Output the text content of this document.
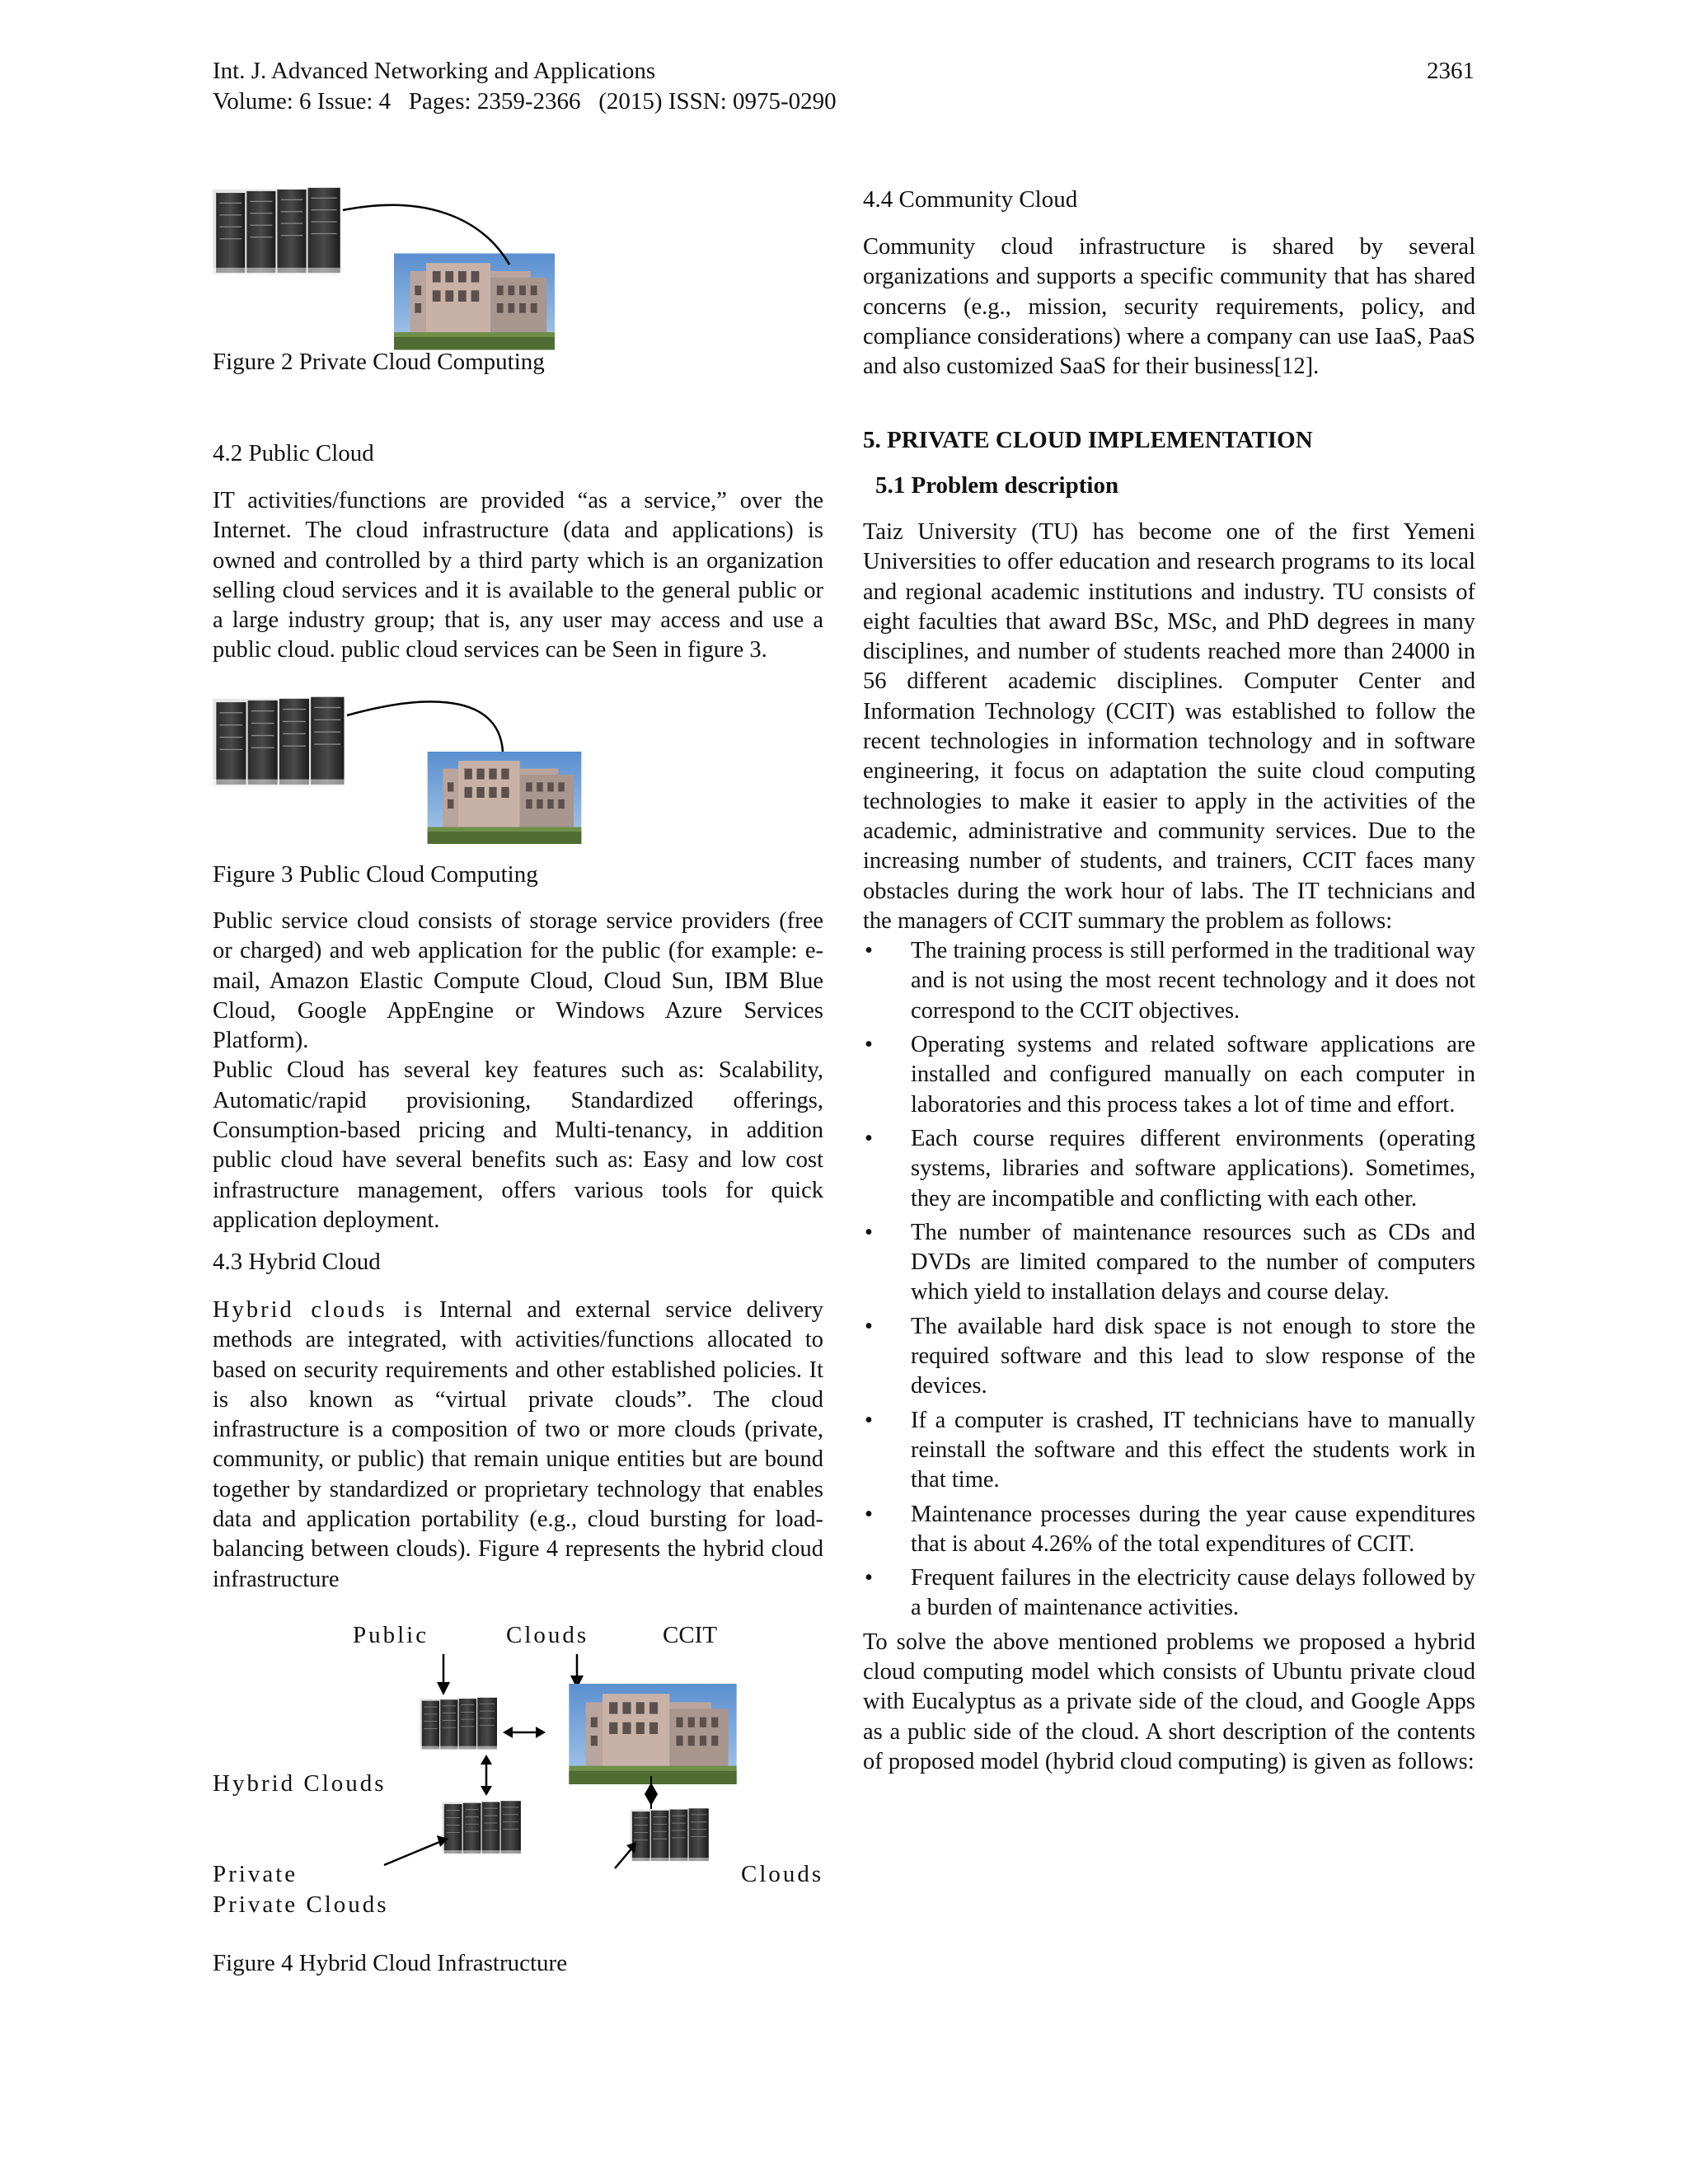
Int. J. Advanced Networking and Applications
Volume: 6 Issue: 4   Pages: 2359-2366   (2015) ISSN: 0975-0290
2361
Figure 2 Private Cloud Computing
4.2 Public Cloud

IT activities/functions are provided “as a service,” over the Internet. The cloud infrastructure (data and applications) is owned and controlled by a third party which is an organization selling cloud services and it is available to the general public or a large industry group; that is, any user may access and use a public cloud. public cloud services can be Seen in figure 3.

Figure 3 Public Cloud Computing

Public service cloud consists of storage service providers (free or charged) and web application for the public (for example: e-mail, Amazon Elastic Compute Cloud, Cloud Sun, IBM Blue Cloud, Google AppEngine or Windows Azure Services Platform).

Public Cloud has several key features such as: Scalability, Automatic/rapid provisioning, Standardized offerings, Consumption-based pricing and Multi-tenancy, in addition public cloud have several benefits such as: Easy and low cost infrastructure management, offers various tools for quick application deployment.

4.3 Hybrid Cloud

Hybrid clouds is Internal and external service delivery methods are integrated, with activities/functions allocated to based on security requirements and other established policies. It is also known as “virtual private clouds”. The cloud infrastructure is a composition of two or more clouds (private, community, or public) that remain unique entities but are bound together by standardized or proprietary technology that enables data and application portability (e.g., cloud bursting for load-balancing between clouds). Figure 4 represents the hybrid cloud infrastructure

Public	Clouds	CCIT
Hybrid Clouds
Private	Clouds
Private Clouds
Figure 4 Hybrid Cloud Infrastructure
4.4 Community Cloud

Community cloud infrastructure is shared by several organizations and supports a specific community that has shared concerns (e.g., mission, security requirements, policy, and compliance considerations) where a company can use IaaS, PaaS and also customized SaaS for their business[12].

5. PRIVATE CLOUD IMPLEMENTATION
5.1 Problem description

Taiz University (TU) has become one of the first Yemeni Universities to offer education and research programs to its local and regional academic institutions and industry. TU consists of eight faculties that award BSc, MSc, and PhD degrees in many disciplines, and number of students reached more than 24000 in 56 different academic disciplines. Computer Center and Information Technology (CCIT) was established to follow the recent technologies in information technology and in software engineering, it focus on adaptation the suite cloud computing technologies to make it easier to apply in the activities of the academic, administrative and community services. Due to the increasing number of students, and trainers, CCIT faces many obstacles during the work hour of labs. The IT technicians and the managers of CCIT summary the problem as follows:

• The training process is still performed in the traditional way and is not using the most recent technology and it does not correspond to the CCIT objectives.
• Operating systems and related software applications are installed and configured manually on each computer in laboratories and this process takes a lot of time and effort.
• Each course requires different environments (operating systems, libraries and software applications). Sometimes, they are incompatible and conflicting with each other.
• The number of maintenance resources such as CDs and DVDs are limited compared to the number of computers which yield to installation delays and course delay.
• The available hard disk space is not enough to store the required software and this lead to slow response of the devices.
• If a computer is crashed, IT technicians have to manually reinstall the software and this effect the students work in that time.
• Maintenance processes during the year cause expenditures that is about 4.26% of the total expenditures of CCIT.
• Frequent failures in the electricity cause delays followed by a burden of maintenance activities.

To solve the above mentioned problems we proposed a hybrid cloud computing model which consists of Ubuntu private cloud with Eucalyptus as a private side of the cloud, and Google Apps as a public side of the cloud. A short description of the contents of proposed model (hybrid cloud computing) is given as follows:
